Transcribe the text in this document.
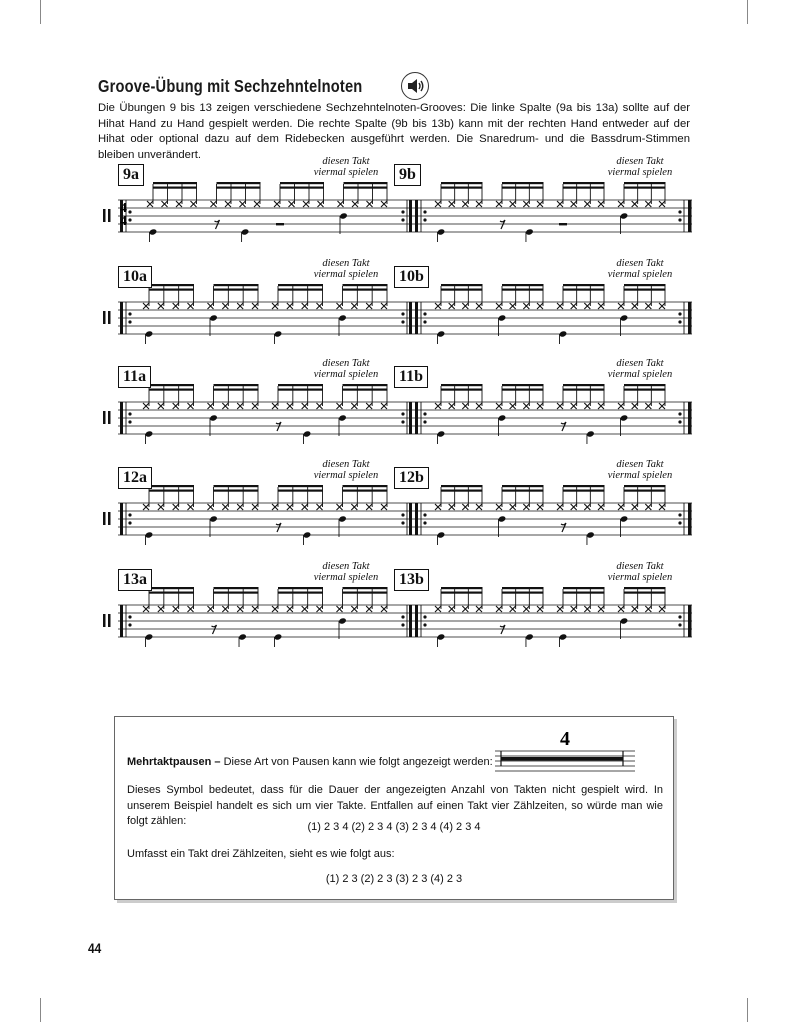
Groove-Übung mit Sechzehntelnoten

Die Übungen 9 bis 13 zeigen verschiedene Sechzehntelnoten-Grooves: Die linke Spalte (9a bis 13a) sollte auf der Hihat Hand zu Hand gespielt werden. Die rechte Spalte (9b bis 13b) kann mit der rechten Hand entweder auf der Hihat oder optional dazu auf dem Ridebecken ausgeführt werden. Die Snaredrum- und die Bassdrum-Stimmen bleiben unverändert.

4
4
9a	9b
diesen Takt viermal spielen
diesen Takt viermal spielen
10a	10b
diesen Takt viermal spielen
diesen Takt viermal spielen
11a	11b
diesen Takt viermal spielen
diesen Takt viermal spielen
12a	12b
diesen Takt viermal spielen
diesen Takt viermal spielen
13a	13b
diesen Takt viermal spielen
diesen Takt viermal spielen

Mehrtaktpausen – Diese Art von Pausen kann wie folgt angezeigt werden:

4

Dieses Symbol bedeutet, dass für die Dauer der angezeigten Anzahl von Takten nicht gespielt wird. In unserem Beispiel handelt es sich um vier Takte. Entfallen auf einen Takt vier Zählzeiten, so würde man wie folgt zählen:	(1) 2 3 4 (2) 2 3 4 (3) 2 3 4 (4) 2 3 4

Umfasst ein Takt drei Zählzeiten, sieht es wie folgt aus:

(1) 2 3 (2) 2 3 (3) 2 3 (4) 2 3
44
